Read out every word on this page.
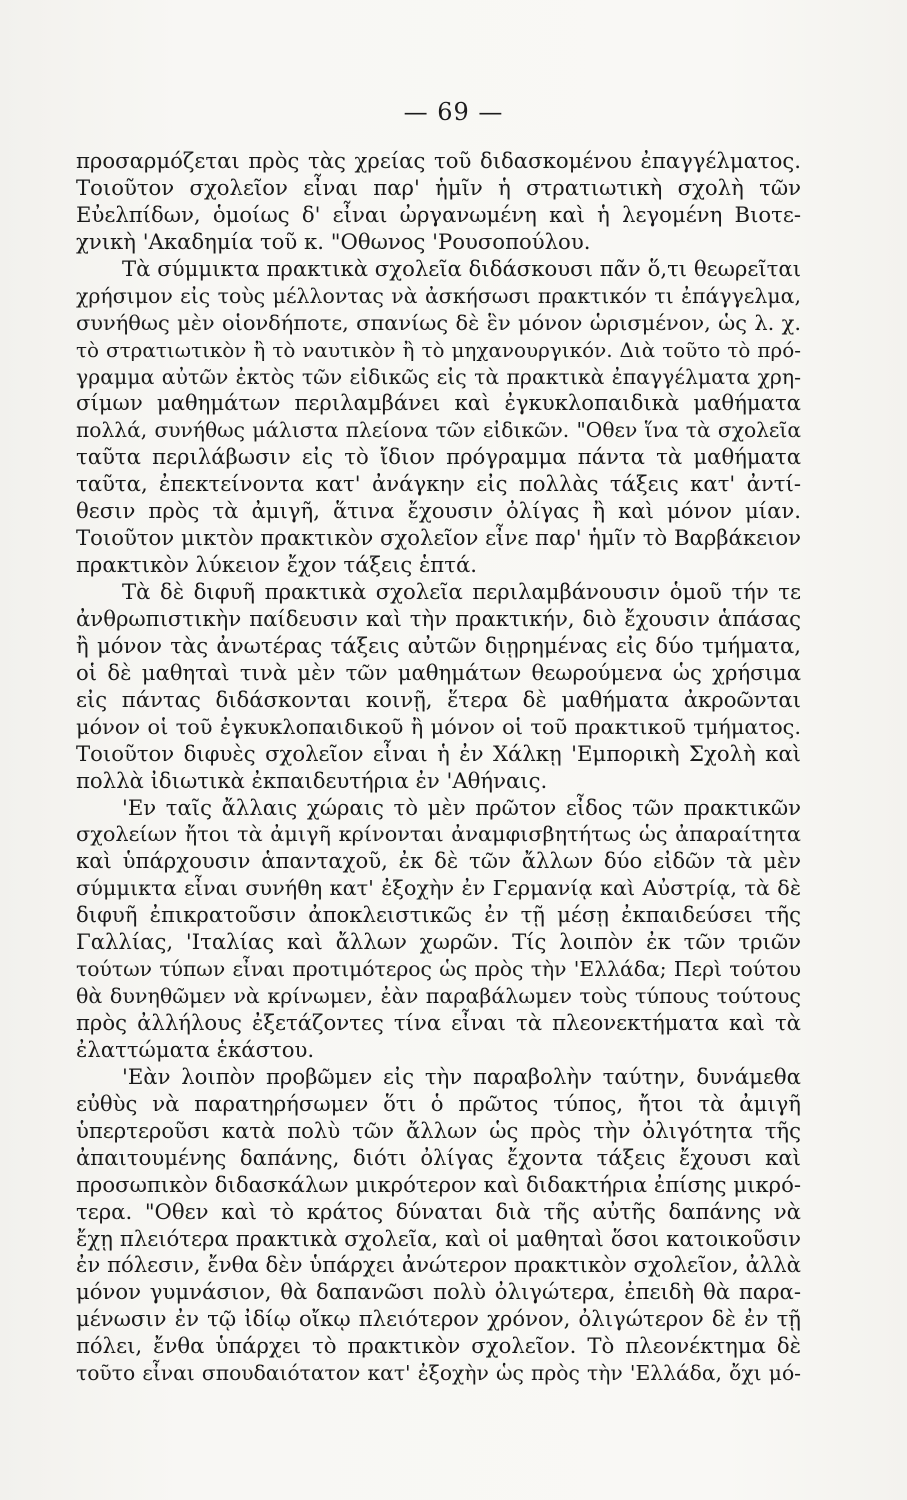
— 69 —
προσαρμόζεται πρὸς τὰς χρείας τοῦ διδασκομένου ἐπαγγέλματος.
Τοιοῦτον σχολεῖον εἶναι παρ' ἡμῖν ἡ στρατιωτικὴ σχολὴ τῶν
Εὐελπίδων, ὁμοίως δ' εἶναι ὠργανωμένη καὶ ἡ λεγομένη Βιοτε-
χνικὴ 'Ακαδημία τοῦ κ. "Οθωνος 'Ρουσοπούλου.
Τὰ σύμμικτα πρακτικὰ σχολεῖα διδάσκουσι πᾶν ὅ,τι θεωρεῖται
χρήσιμον εἰς τοὺς μέλλοντας νὰ ἀσκήσωσι πρακτικόν τι ἐπάγγελμα,
συνήθως μὲν οἱονδήποτε, σπανίως δὲ ἓν μόνον ὡρισμένον, ὡς λ. χ.
τὸ στρατιωτικὸν ἢ τὸ ναυτικὸν ἢ τὸ μηχανουργικόν. Διὰ τοῦτο τὸ πρό-
γραμμα αὐτῶν ἐκτὸς τῶν εἰδικῶς εἰς τὰ πρακτικὰ ἐπαγγέλματα χρη-
σίμων μαθημάτων περιλαμβάνει καὶ ἐγκυκλοπαιδικὰ μαθήματα
πολλά, συνήθως μάλιστα πλείονα τῶν εἰδικῶν. "Οθεν ἵνα τὰ σχολεῖα
ταῦτα περιλάβωσιν εἰς τὸ ἴδιον πρόγραμμα πάντα τὰ μαθήματα
ταῦτα, ἐπεκτείνοντα κατ' ἀνάγκην εἰς πολλὰς τάξεις κατ' ἀντί-
θεσιν πρὸς τὰ ἀμιγῆ, ἅτινα ἔχουσιν ὀλίγας ἢ καὶ μόνον μίαν.
Τοιοῦτον μικτὸν πρακτικὸν σχολεῖον εἶνε παρ' ἡμῖν τὸ Βαρβάκειον
πρακτικὸν λύκειον ἔχον τάξεις ἑπτά.
Τὰ δὲ διφυῆ πρακτικὰ σχολεῖα περιλαμβάνουσιν ὁμοῦ τήν τε
ἀνθρωπιστικὴν παίδευσιν καὶ τὴν πρακτικήν, διὸ ἔχουσιν ἁπάσας
ἢ μόνον τὰς ἀνωτέρας τάξεις αὐτῶν διῃρημένας εἰς δύο τμήματα,
οἱ δὲ μαθηταὶ τινὰ μὲν τῶν μαθημάτων θεωρούμενα ὡς χρήσιμα
εἰς πάντας διδάσκονται κοινῇ, ἕτερα δὲ μαθήματα ἀκροῶνται
μόνον οἱ τοῦ ἐγκυκλοπαιδικοῦ ἢ μόνον οἱ τοῦ πρακτικοῦ τμήματος.
Τοιοῦτον διφυὲς σχολεῖον εἶναι ἡ ἐν Χάλκῃ 'Εμπορικὴ Σχολὴ καὶ
πολλὰ ἰδιωτικὰ ἐκπαιδευτήρια ἐν 'Αθήναις.
'Εν ταῖς ἄλλαις χώραις τὸ μὲν πρῶτον εἶδος τῶν πρακτικῶν
σχολείων ἤτοι τὰ ἀμιγῆ κρίνονται ἀναμφισβητήτως ὡς ἀπαραίτητα
καὶ ὑπάρχουσιν ἁπανταχοῦ, ἐκ δὲ τῶν ἄλλων δύο εἰδῶν τὰ μὲν
σύμμικτα εἶναι συνήθη κατ' ἐξοχὴν ἐν Γερμανίᾳ καὶ Αὐστρίᾳ, τὰ δὲ
διφυῆ ἐπικρατοῦσιν ἀποκλειστικῶς ἐν τῇ μέσῃ ἐκπαιδεύσει τῆς
Γαλλίας, 'Ιταλίας καὶ ἄλλων χωρῶν. Τίς λοιπὸν ἐκ τῶν τριῶν
τούτων τύπων εἶναι προτιμότερος ὡς πρὸς τὴν 'Ελλάδα; Περὶ τούτου
θὰ δυνηθῶμεν νὰ κρίνωμεν, ἐὰν παραβάλωμεν τοὺς τύπους τούτους
πρὸς ἀλλήλους ἐξετάζοντες τίνα εἶναι τὰ πλεονεκτήματα καὶ τὰ
ἐλαττώματα ἑκάστου.
'Εὰν λοιπὸν προβῶμεν εἰς τὴν παραβολὴν ταύτην, δυνάμεθα
εὐθὺς νὰ παρατηρήσωμεν ὅτι ὁ πρῶτος τύπος, ἤτοι τὰ ἀμιγῆ
ὑπερτεροῦσι κατὰ πολὺ τῶν ἄλλων ὡς πρὸς τὴν ὀλιγότητα τῆς
ἀπαιτουμένης δαπάνης, διότι ὀλίγας ἔχοντα τάξεις ἔχουσι καὶ
προσωπικὸν διδασκάλων μικρότερον καὶ διδακτήρια ἐπίσης μικρό-
τερα. "Οθεν καὶ τὸ κράτος δύναται διὰ τῆς αὐτῆς δαπάνης νὰ
ἔχῃ πλειότερα πρακτικὰ σχολεῖα, καὶ οἱ μαθηταὶ ὅσοι κατοικοῦσιν
ἐν πόλεσιν, ἔνθα δὲν ὑπάρχει ἀνώτερον πρακτικὸν σχολεῖον, ἀλλὰ
μόνον γυμνάσιον, θὰ δαπανῶσι πολὺ ὀλιγώτερα, ἐπειδὴ θὰ παρα-
μένωσιν ἐν τῷ ἰδίῳ οἴκῳ πλειότερον χρόνον, ὀλιγώτερον δὲ ἐν τῇ
πόλει, ἔνθα ὑπάρχει τὸ πρακτικὸν σχολεῖον. Τὸ πλεονέκτημα δὲ
τοῦτο εἶναι σπουδαιότατον κατ' ἐξοχὴν ὡς πρὸς τὴν 'Ελλάδα, ὄχι μό-
